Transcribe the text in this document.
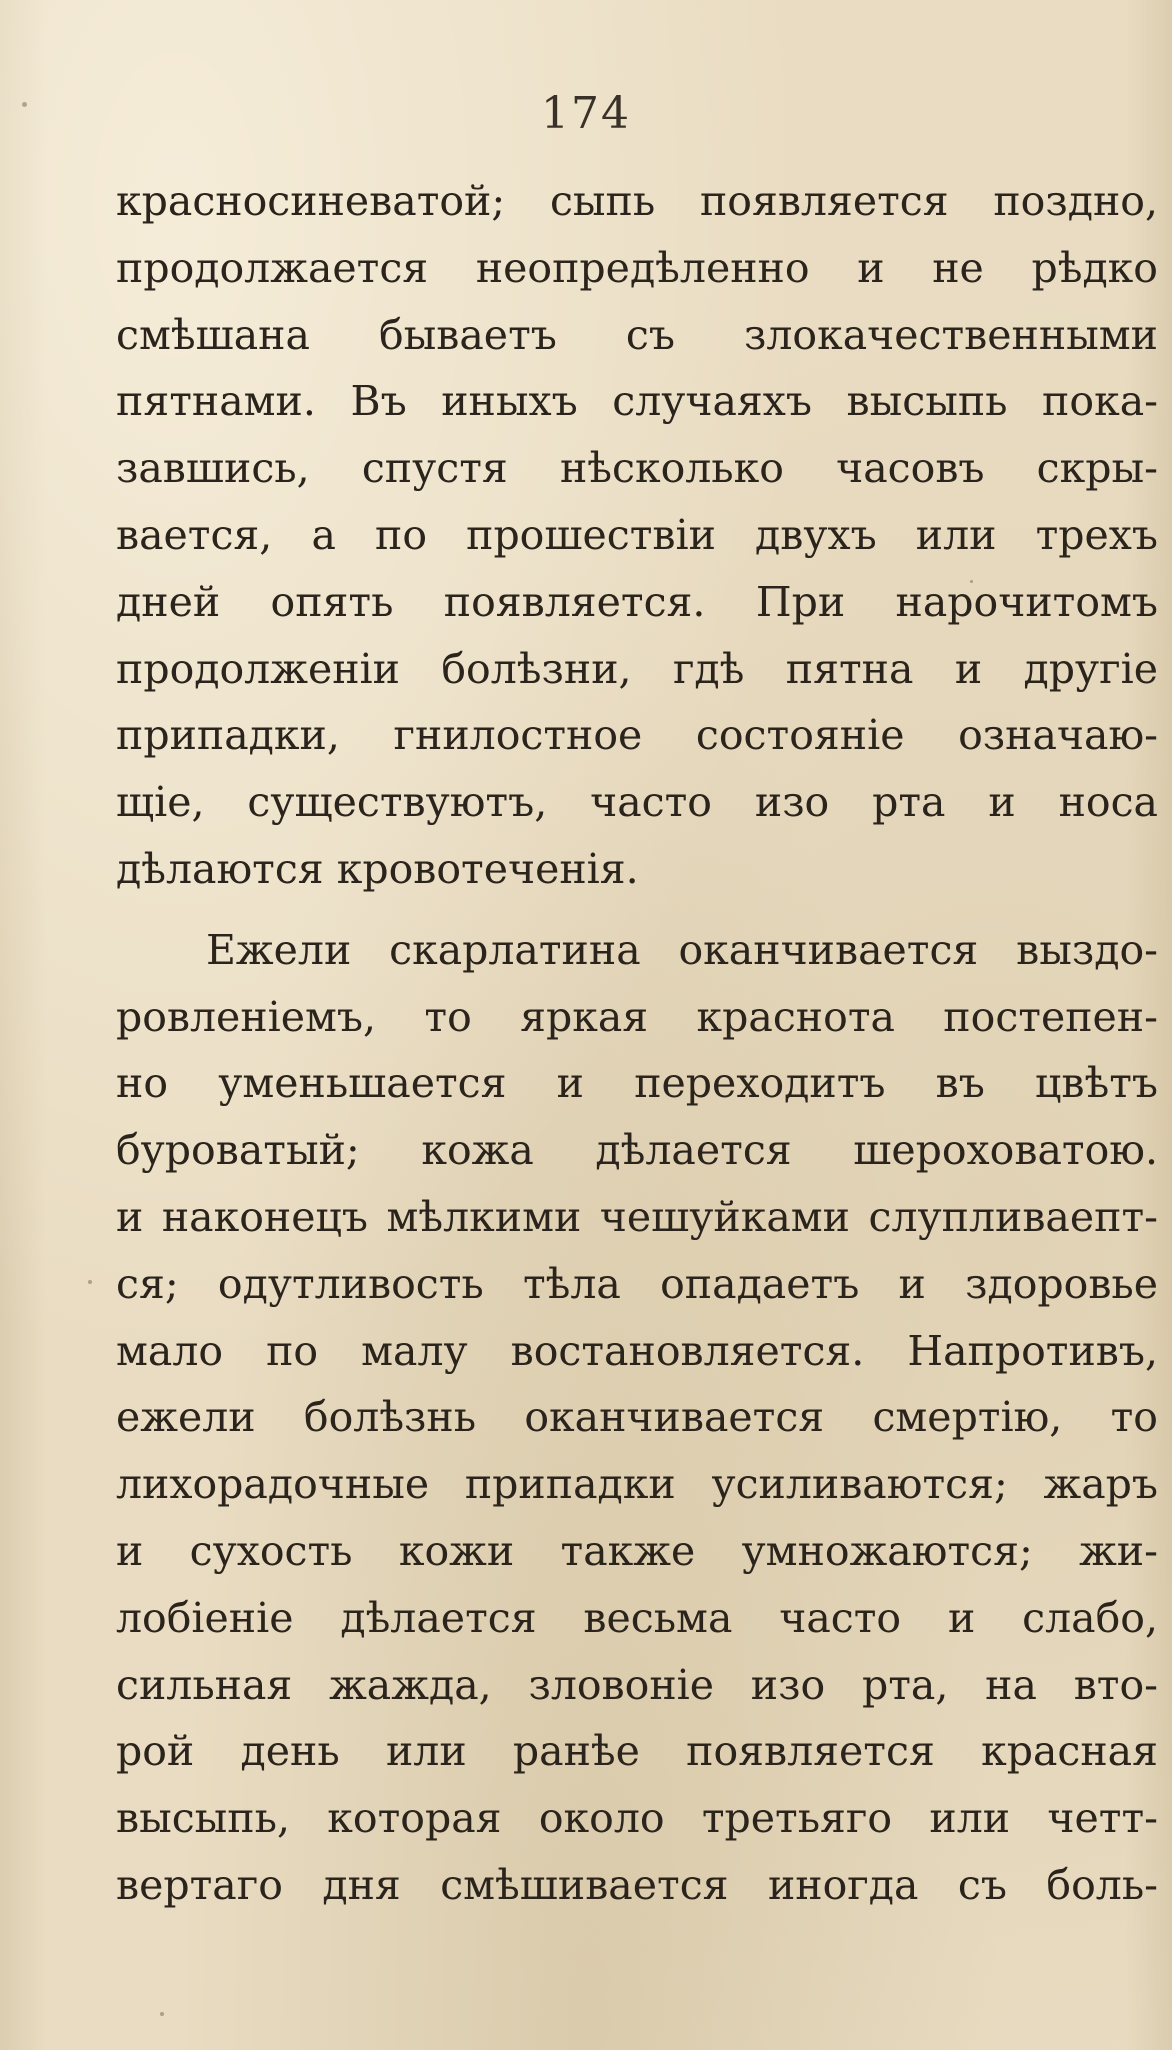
174
красносиневатой; сыпь появляется поздно,
продолжается неопредѣленно и не рѣдко
смѣшана бываетъ съ злокачественными
пятнами. Въ иныхъ случаяхъ высыпь пока-
завшись, спустя нѣсколько часовъ скры-
вается, а по прошествіи двухъ или трехъ
дней опять появляется. При нарочитомъ
продолженіи болѣзни, гдѣ пятна и другіе
припадки, гнилостное состояніе означаю-
щіе, существуютъ, часто изо рта и носа
дѣлаются кровотеченія.
Ежели скарлатина оканчивается выздо-
ровленіемъ, то яркая краснота постепен-
но уменьшается и переходитъ въ цвѣтъ
буроватый; кожа дѣлается шероховатою.
и наконецъ мѣлкими чешуйками слупливаепт-
ся; одутливость тѣла опадаетъ и здоровье
мало по малу востановляется. Напротивъ,
ежели болѣзнь оканчивается смертію, то
лихорадочные припадки усиливаются; жаръ
и сухость кожи также умножаются; жи-
лобіеніе дѣлается весьма часто и слабо,
сильная жажда, зловоніе изо рта, на вто-
рой день или ранѣе появляется красная
высыпь, которая около третьяго или четт-
вертаго дня смѣшивается иногда съ боль-
